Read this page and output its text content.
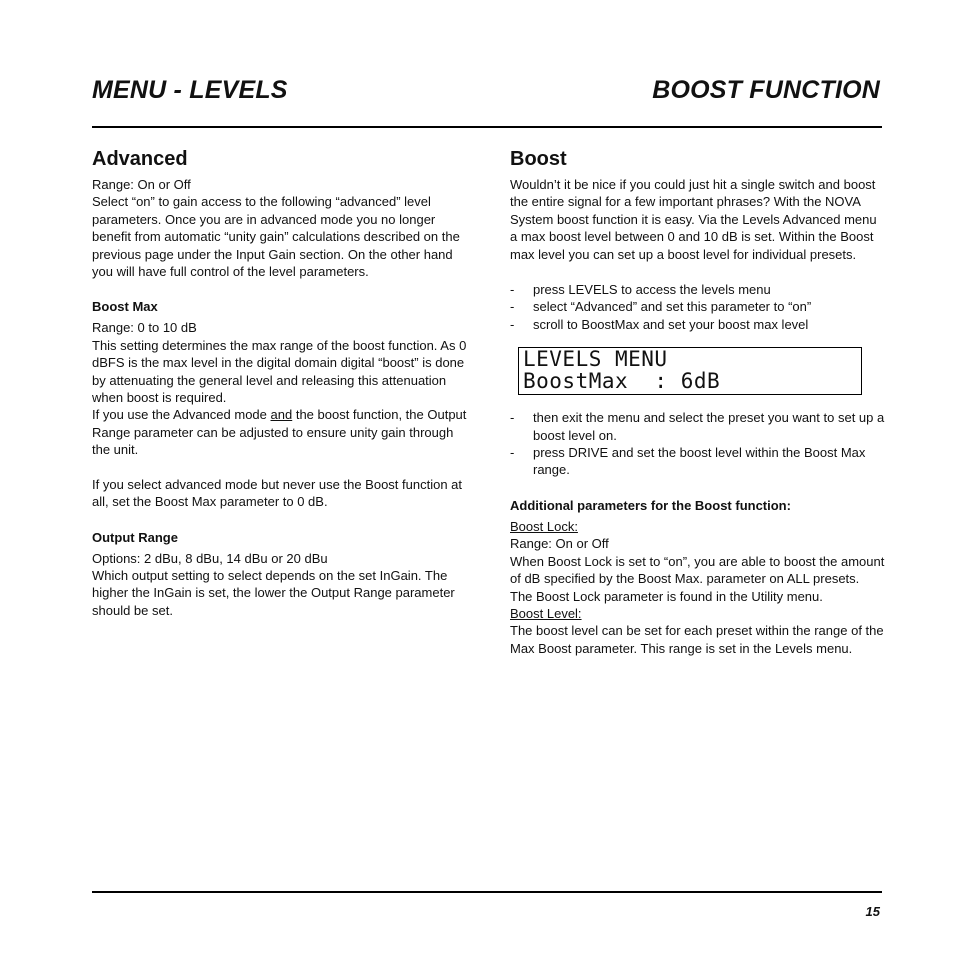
MENU - LEVELS	BOOST FUNCTION
Advanced

Range: On or Off

Select “on” to gain access to the following “advanced” level parameters. Once you are in advanced mode you no longer benefit from automatic “unity gain” calculations described on the previous page under the Input Gain section. On the other hand you will have full control of the level parameters.

Boost Max

Range: 0 to 10 dB

This setting determines the max range of the boost function. As 0 dBFS is the max level in the digital domain digital “boost” is done by attenuating the general level and releasing this attenuation when boost is required.

If you use the Advanced mode and the boost function, the Output Range parameter can be adjusted to ensure unity gain through the unit.

If you select advanced mode but never use the Boost function at all, set the Boost Max parameter to 0 dB.

Output Range

Options: 2 dBu, 8 dBu, 14 dBu or 20 dBu

Which output setting to select depends on the set InGain. The higher the InGain is set, the lower the Output Range parameter should be set.

Boost

Wouldn’t it be nice if you could just hit a single switch and boost the entire signal for a few important phrases? With the NOVA System boost function it is easy. Via the Levels Advanced menu a max boost level between 0 and 10 dB is set. Within the Boost max level you can set up a boost level for individual presets.

-	press LEVELS to access the levels menu
-	select “Advanced” and set this parameter to “on”
-	scroll to BoostMax and set your boost max level
LEVELS MENU
BoostMax  : 6dB
-	then exit the menu and select the preset you want to set up a boost level on.
-	press DRIVE and set the boost level within the Boost Max range.
Additional parameters for the Boost function:

Boost Lock:

Range: On or Off

When Boost Lock is set to “on”, you are able to boost the amount of dB specified by the Boost Max. parameter on ALL presets. The Boost Lock parameter is found in the Utility menu.

Boost Level:

The boost level can be set for each preset within the range of the Max Boost parameter. This range is set in the Levels menu.

15
